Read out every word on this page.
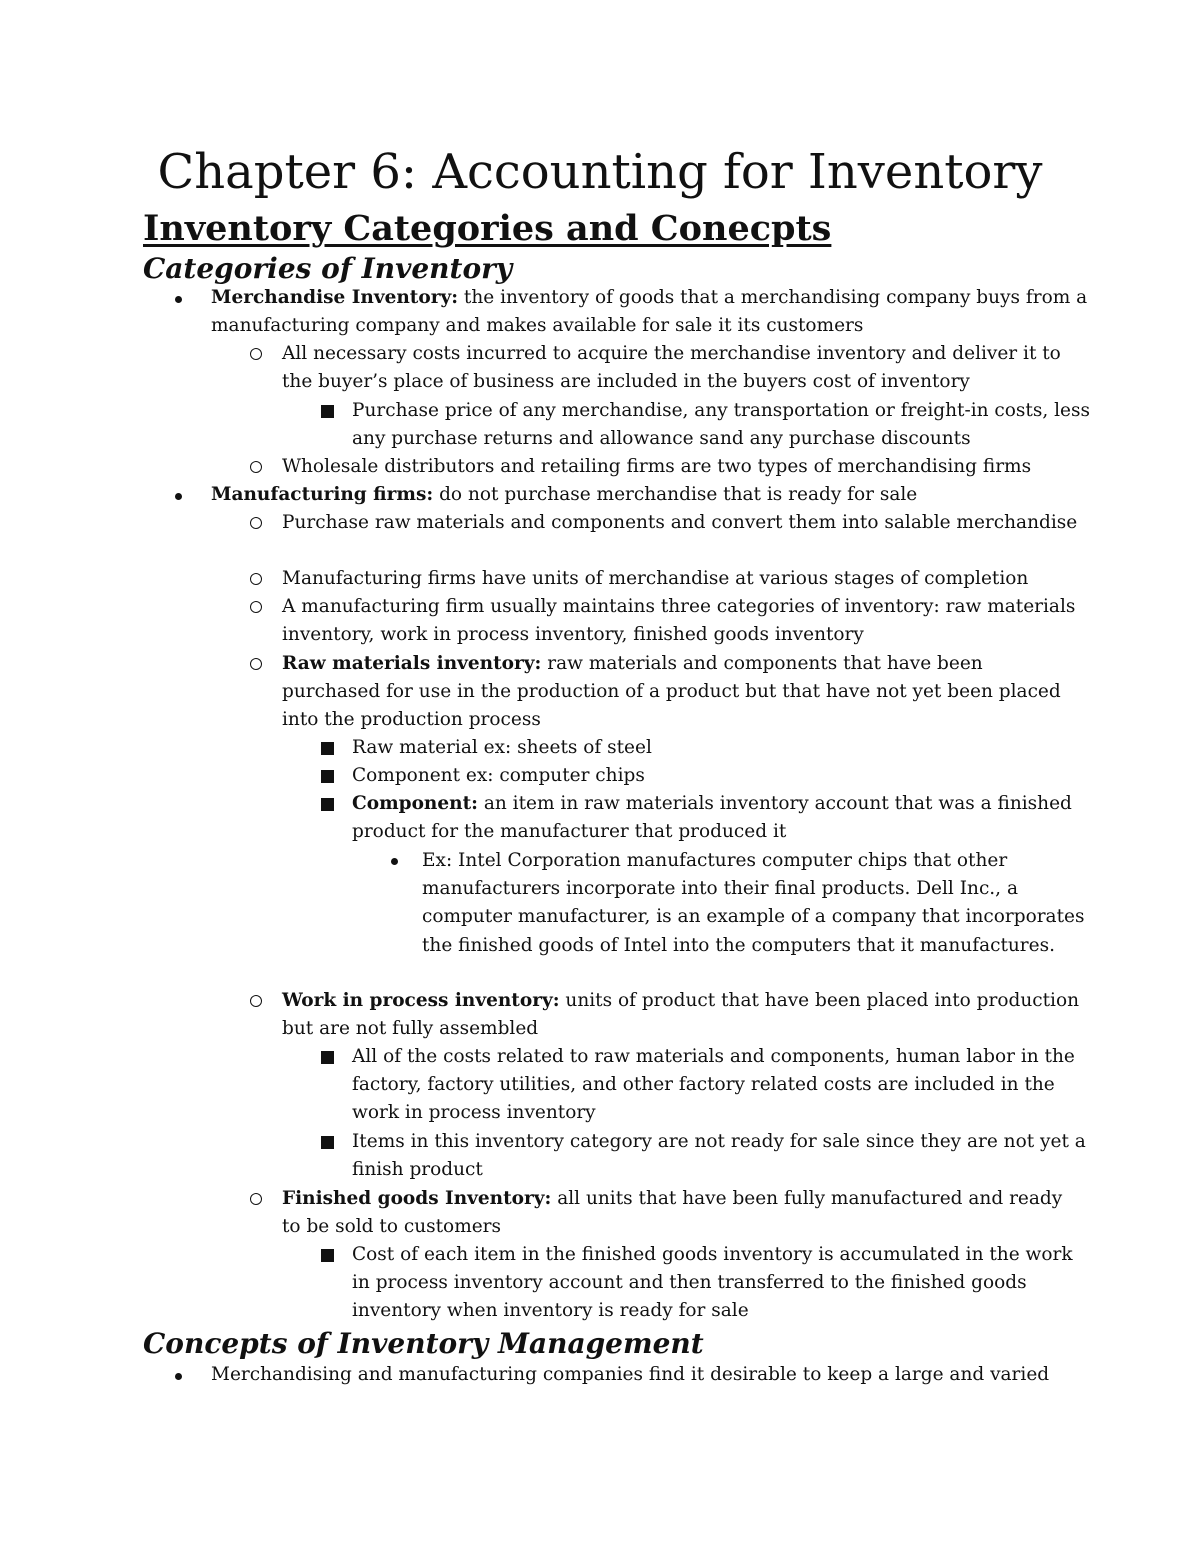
Chapter 6: Accounting for Inventory
Inventory Categories and Conecpts
Categories of Inventory

Merchandise Inventory: the inventory of goods that a merchandising company buys from a manufacturing company and makes available for sale it its customers

All necessary costs incurred to acquire the merchandise inventory and deliver it to the buyer’s place of business are included in the buyers cost of inventory

Purchase price of any merchandise, any transportation or freight-in costs, less any purchase returns and allowance sand any purchase discounts

Wholesale distributors and retailing firms are two types of merchandising firms

Manufacturing firms: do not purchase merchandise that is ready for sale

Purchase raw materials and components and convert them into salable merchandise

Manufacturing firms have units of merchandise at various stages of completion

A manufacturing firm usually maintains three categories of inventory: raw materials inventory, work in process inventory, finished goods inventory

Raw materials inventory: raw materials and components that have been purchased for use in the production of a product but that have not yet been placed into the production process

Raw material ex: sheets of steel

Component ex: computer chips

Component: an item in raw materials inventory account that was a finished product for the manufacturer that produced it

Ex: Intel Corporation manufactures computer chips that other manufacturers incorporate into their final products. Dell Inc., a computer manufacturer, is an example of a company that incorporates the finished goods of Intel into the computers that it manufactures.

Work in process inventory: units of product that have been placed into production but are not fully assembled

All of the costs related to raw materials and components, human labor in the factory, factory utilities, and other factory related costs are included in the work in process inventory

Items in this inventory category are not ready for sale since they are not yet a finish product

Finished goods Inventory: all units that have been fully manufactured and ready to be sold to customers

Cost of each item in the finished goods inventory is accumulated in the work in process inventory account and then transferred to the finished goods inventory when inventory is ready for sale

Concepts of Inventory Management

Merchandising and manufacturing companies find it desirable to keep a large and varied
